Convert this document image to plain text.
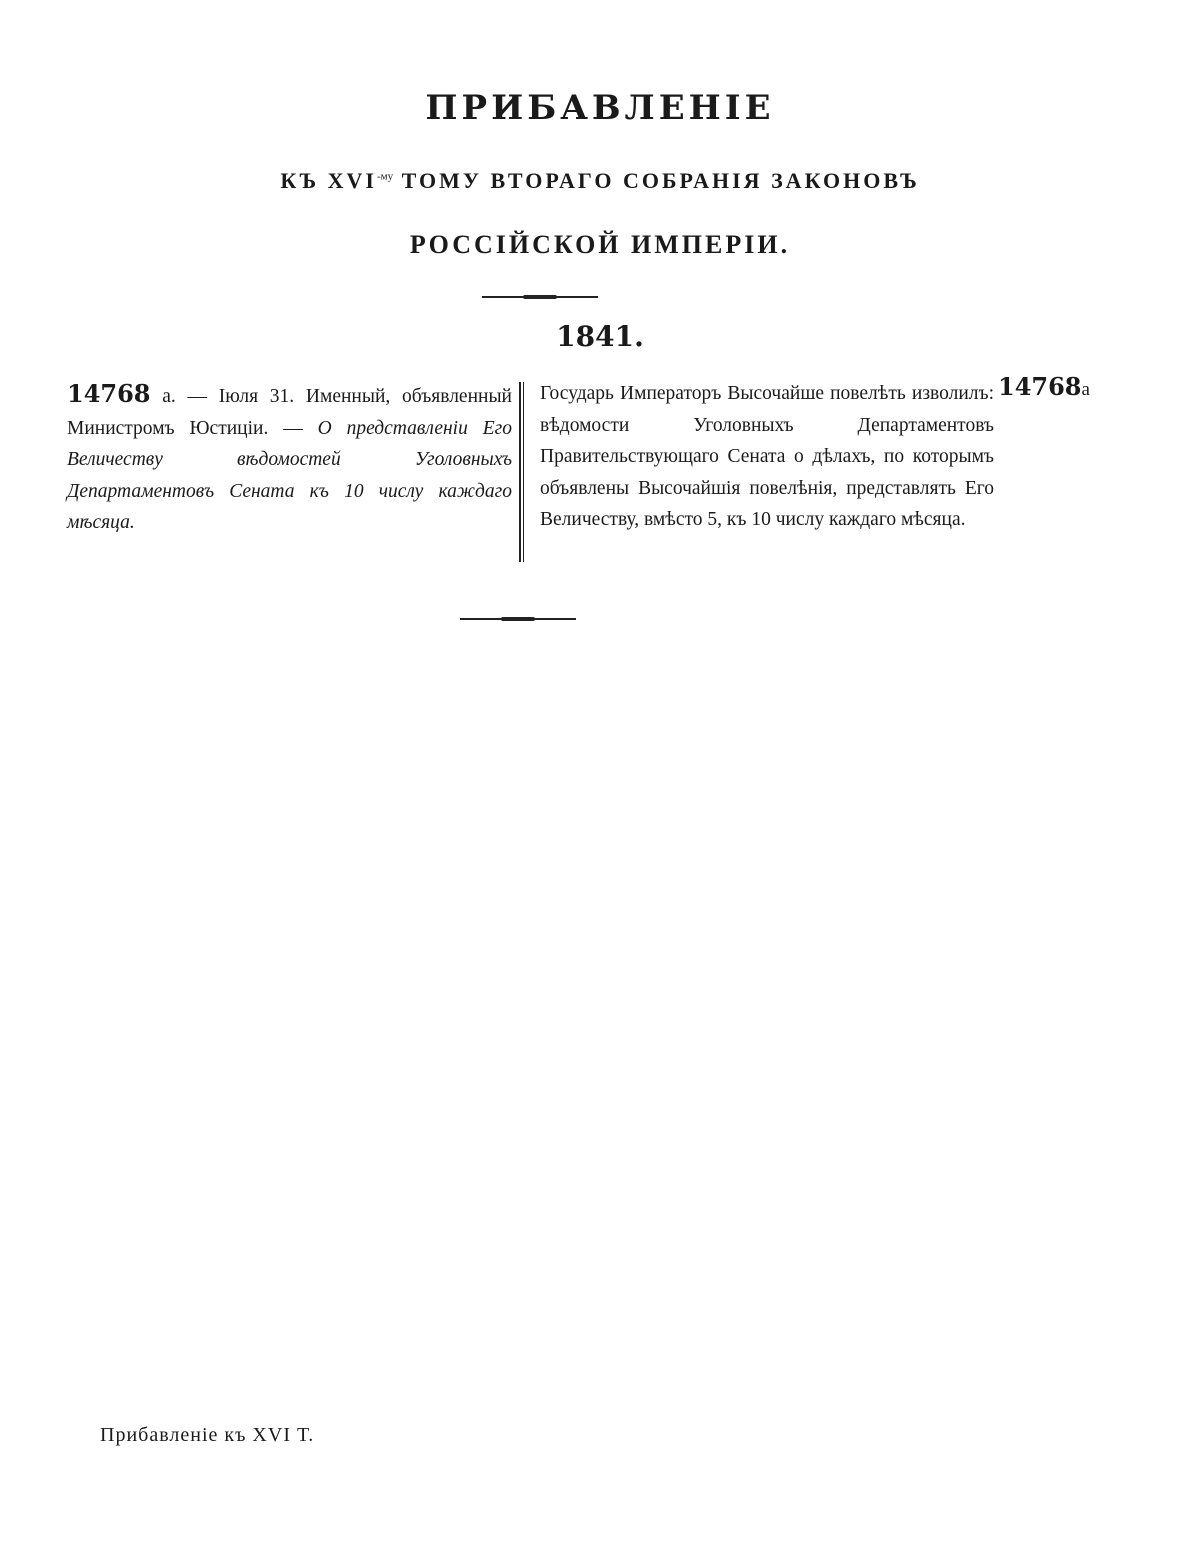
ПРИБАВЛЕНІЕ
КЪ $XVI^{-му}$ ТОМУ ВТОРАГО СОБРАНІЯ ЗАКОНОВЪ
РОССІЙСКОЙ ИМПЕРІИ.
1841.
14768 а. — Іюля 31. Именный, объявленный Министромъ Юстиціи. — О представленіи Его Величеству вѣдомостей Уголовныхъ Департаментовъ Сената къ 10 числу каждаго мѣсяца.
Государь Императоръ Высочайше повелѣть изволилъ: вѣдомости Уголовныхъ Департаментовъ Правительствующаго Сената о дѣлахъ, по которымъ объявлены Высочайшія повелѣнія, представлять Его Величеству, вмѣсто 5, къ 10 числу каждаго мѣсяца.
14768а
Прибавленіе къ XVI Т.
